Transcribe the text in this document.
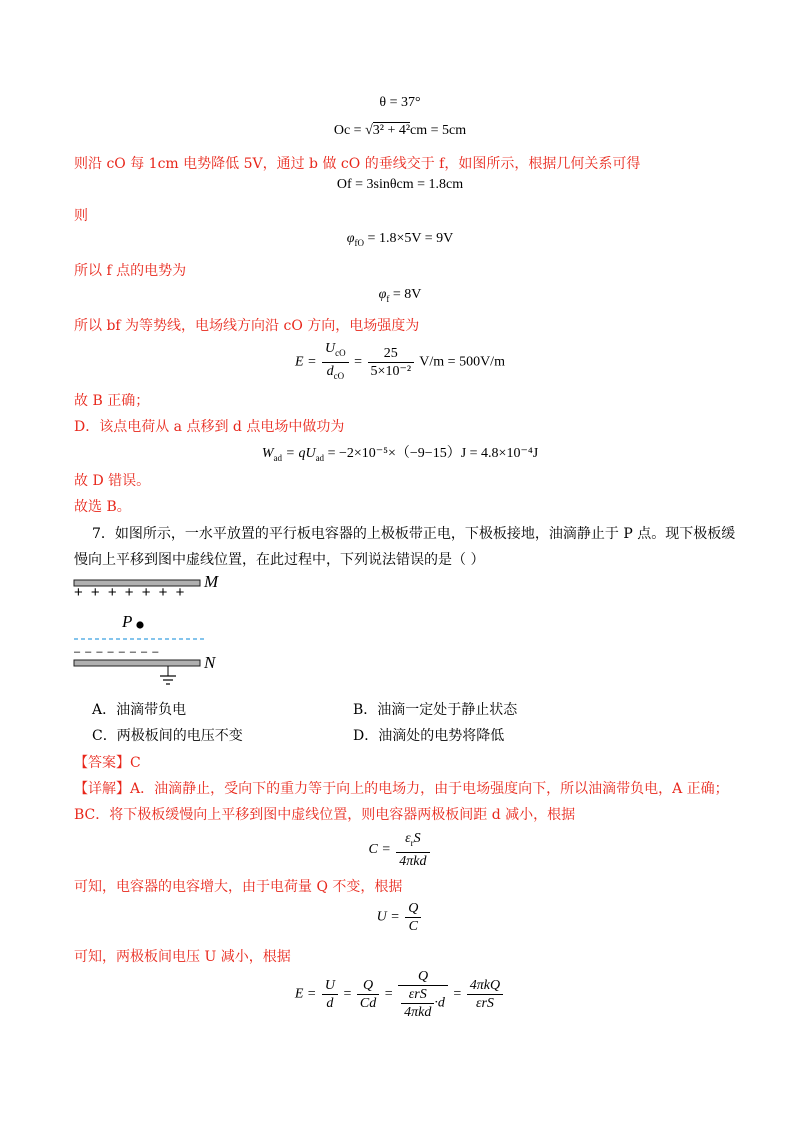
θ = 37°
Oc = √3² + 4²cm = 5cm
则沿 cO 每 1cm 电势降低 5V，通过 b 做 cO 的垂线交于 f，如图所示，根据几何关系可得
Of = 3sinθcm = 1.8cm
则
$\varphi_{fO} = 1.8\times 5V = 9V$
所以 f 点的电势为
$\varphi_f = 8V$
所以 bf 为等势线，电场线方向沿 cO 方向，电场强度为
$E = \frac{U_{cO}}{d_{cO}} = \frac{25}{\text{5×10⁻²}} V/m = 500V/m$
故 B 正确；
D．该点电荷从 a 点移到 d 点电场中做功为
$W_{ad} = qU_{ad} = -2\times 10^{-5}\times(-9-15)J = 4.8\times 10^{-4}J$
故 D 错误。
故选 B。
7．如图所示，一水平放置的平行板电容器的上极板带正电，下极板接地，油滴静止于 P 点。现下极板缓
慢向上平移到图中虚线位置，在此过程中，下列说法错误的是（ ）
+ + + + + + +
M
P
‒ ‒ ‒ ‒ ‒ ‒ ‒ ‒
N
A．油滴带负电	B．油滴一定处于静止状态
C．两极板间的电压不变	D．油滴处的电势将降低
【答案】C
【详解】A．油滴静止，受向下的重力等于向上的电场力，由于电场强度向下，所以油滴带负电，A 正确；
BC．将下极板缓慢向上平移到图中虚线位置，则电容器两极板间距 d 减小，根据
$C = \frac{\varepsilon_rS}{\text{4πkd}}$
可知，电容器的电容增大，由于电荷量 Q 不变，根据
$U = \frac{Q}{C}$
可知，两极板间电压 U 减小，根据
$E = \frac{U}{d} = \frac{Q}{Cd} = \frac{Q}{\frac{\text{εrS}}{\text{4πkd}} \cdot d} = \frac{\text{4πkQ}}{\text{εrS}}$
